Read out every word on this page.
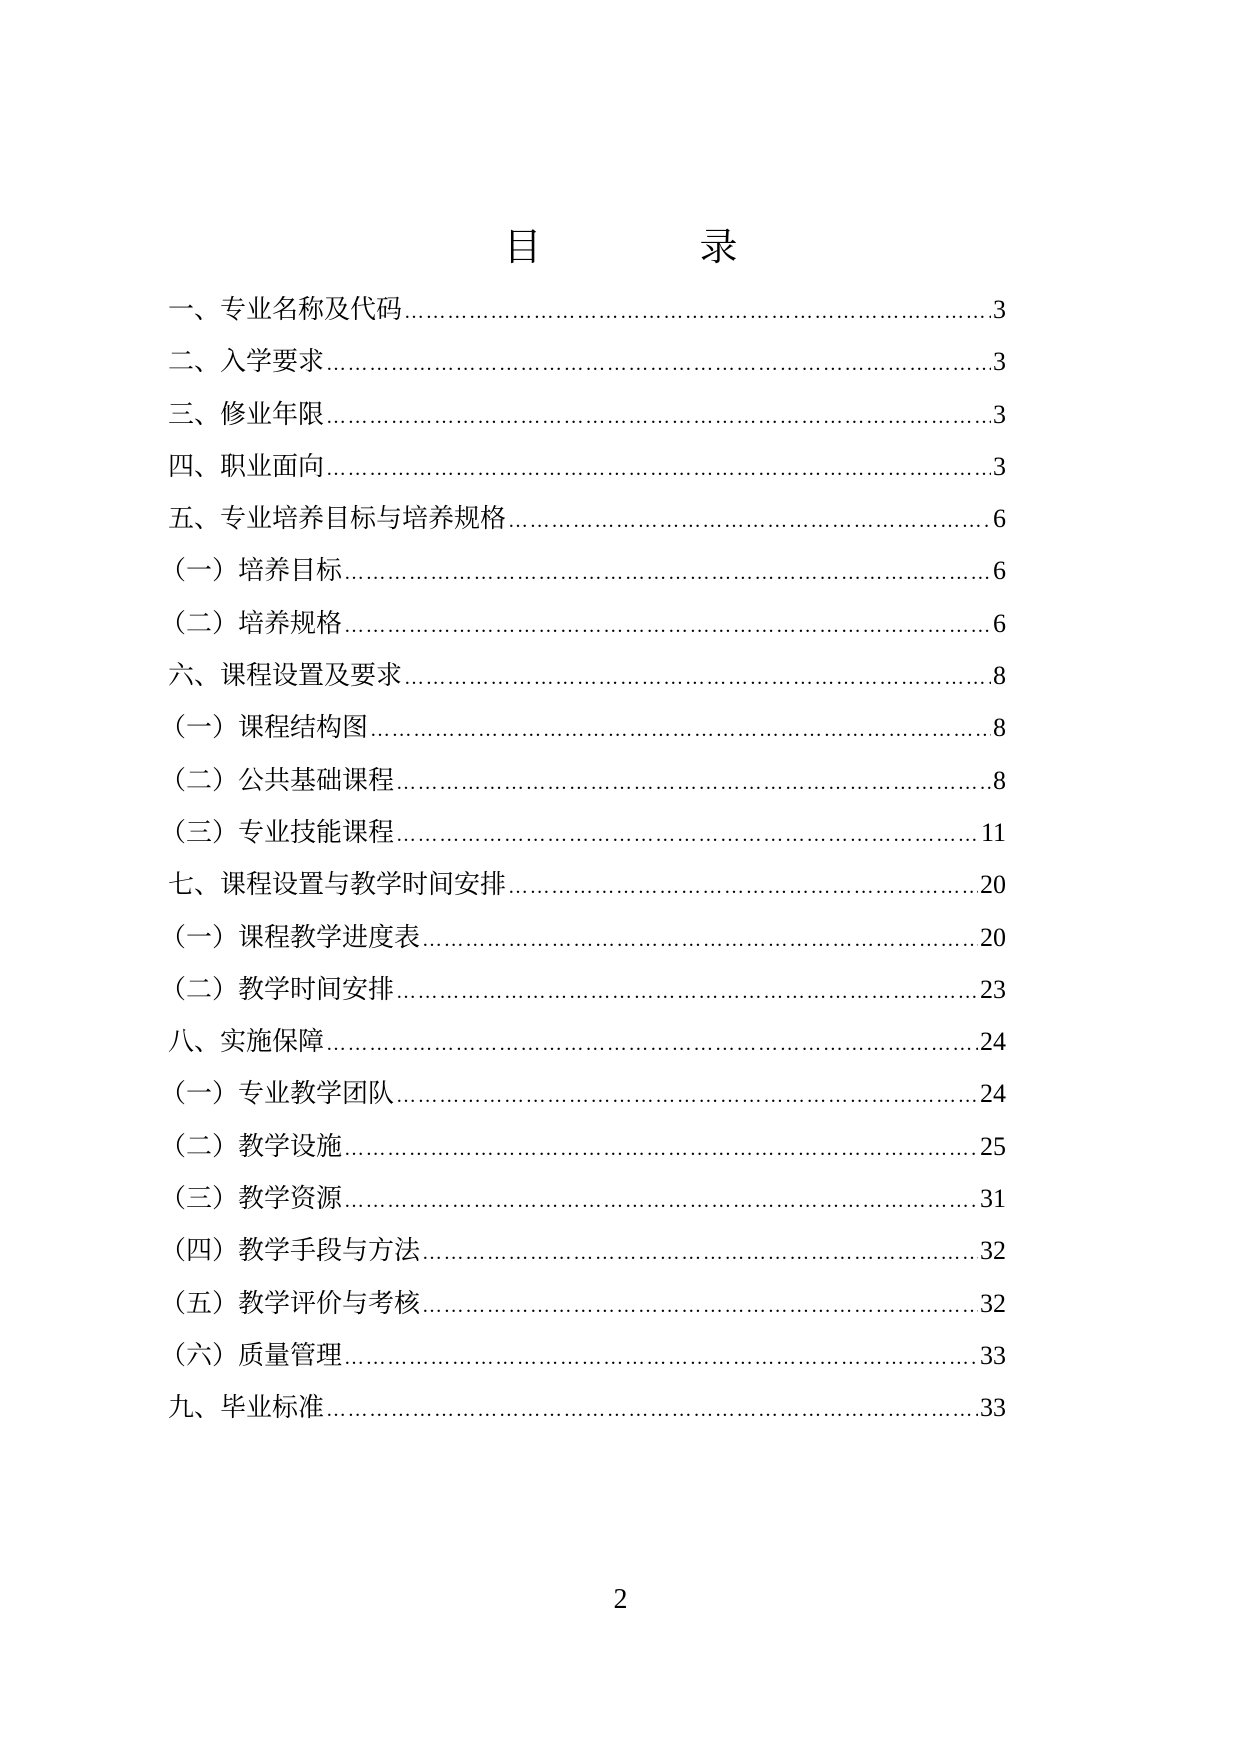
目　录
一、专业名称及代码 ……………………………………………………………………………………………………………………………………………………………………………………………	3
二、入学要求 ……………………………………………………………………………………………………………………………………………………………………………………………	3
三、修业年限 ……………………………………………………………………………………………………………………………………………………………………………………………	3
四、职业面向 ……………………………………………………………………………………………………………………………………………………………………………………………	3
五、专业培养目标与培养规格 ……………………………………………………………………………………………………………………………………………………………………………………………	6
（一）培养目标 ……………………………………………………………………………………………………………………………………………………………………………………………	6
（二）培养规格 ……………………………………………………………………………………………………………………………………………………………………………………………	6
六、课程设置及要求 ……………………………………………………………………………………………………………………………………………………………………………………………	8
（一）课程结构图 ……………………………………………………………………………………………………………………………………………………………………………………………	8
（二）公共基础课程 ……………………………………………………………………………………………………………………………………………………………………………………………	8
（三）专业技能课程 ……………………………………………………………………………………………………………………………………………………………………………………………	11
七、课程设置与教学时间安排 ……………………………………………………………………………………………………………………………………………………………………………………………	20
（一）课程教学进度表 ……………………………………………………………………………………………………………………………………………………………………………………………	20
（二）教学时间安排 ……………………………………………………………………………………………………………………………………………………………………………………………	23
八、实施保障 ……………………………………………………………………………………………………………………………………………………………………………………………	24
（一）专业教学团队 ……………………………………………………………………………………………………………………………………………………………………………………………	24
（二）教学设施 ……………………………………………………………………………………………………………………………………………………………………………………………	25
（三）教学资源 ……………………………………………………………………………………………………………………………………………………………………………………………	31
（四）教学手段与方法 ……………………………………………………………………………………………………………………………………………………………………………………………	32
（五）教学评价与考核 ……………………………………………………………………………………………………………………………………………………………………………………………	32
（六）质量管理 ……………………………………………………………………………………………………………………………………………………………………………………………	33
九、毕业标准 ……………………………………………………………………………………………………………………………………………………………………………………………	33

2
